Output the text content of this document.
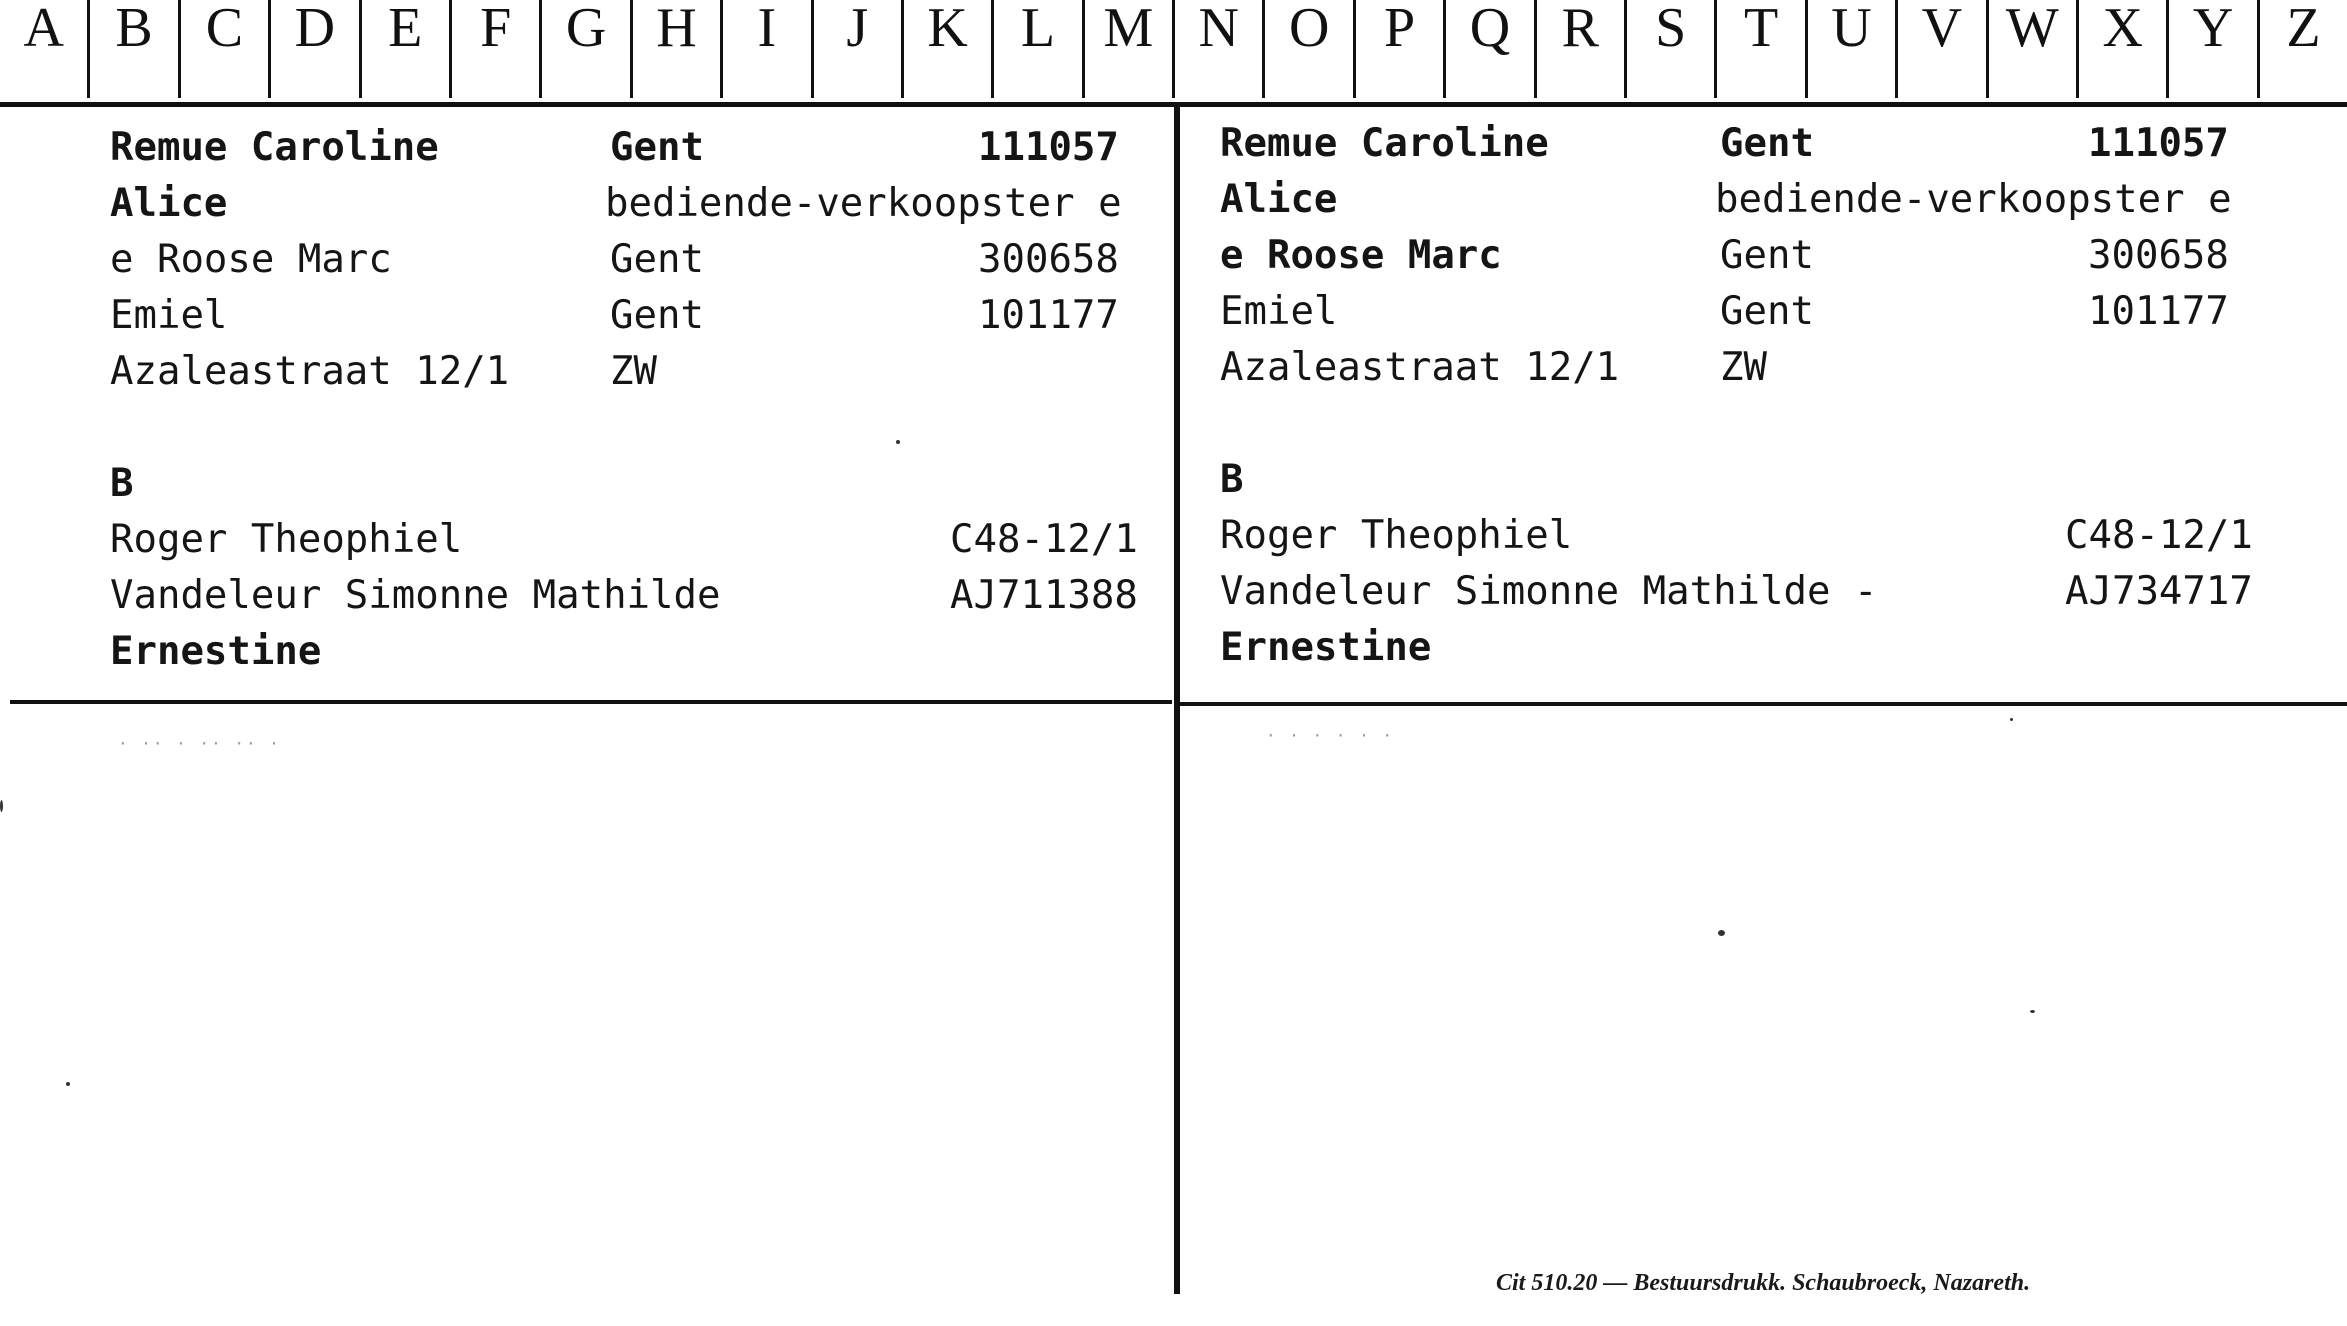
A B C D E	F G H	I	J	K L M N O P Q R	S	T U V W X Y Z
Remue Caroline	Gent	111057
Alice	bediende-verkoopster e
e Roose Marc	Gent	300658
Emiel	Gent	101177
Azaleastraat 12/1	ZW
B
Roger Theophiel	C48-12/1
Vandeleur Simonne Mathilde	AJ711388
Ernestine
Remue Caroline	Gent	111057
Alice	bediende-verkoopster e
e Roose Marc	Gent	300658
Emiel	Gent	101177
Azaleastraat 12/1	ZW
B
Roger Theophiel	C48-12/1
Vandeleur Simonne Mathilde -	AJ734717
Ernestine
· ·· · ·· ·· ·	· · · · · ·
Cit 510.20 — Bestuursdrukk. Schaubroeck, Nazareth.
